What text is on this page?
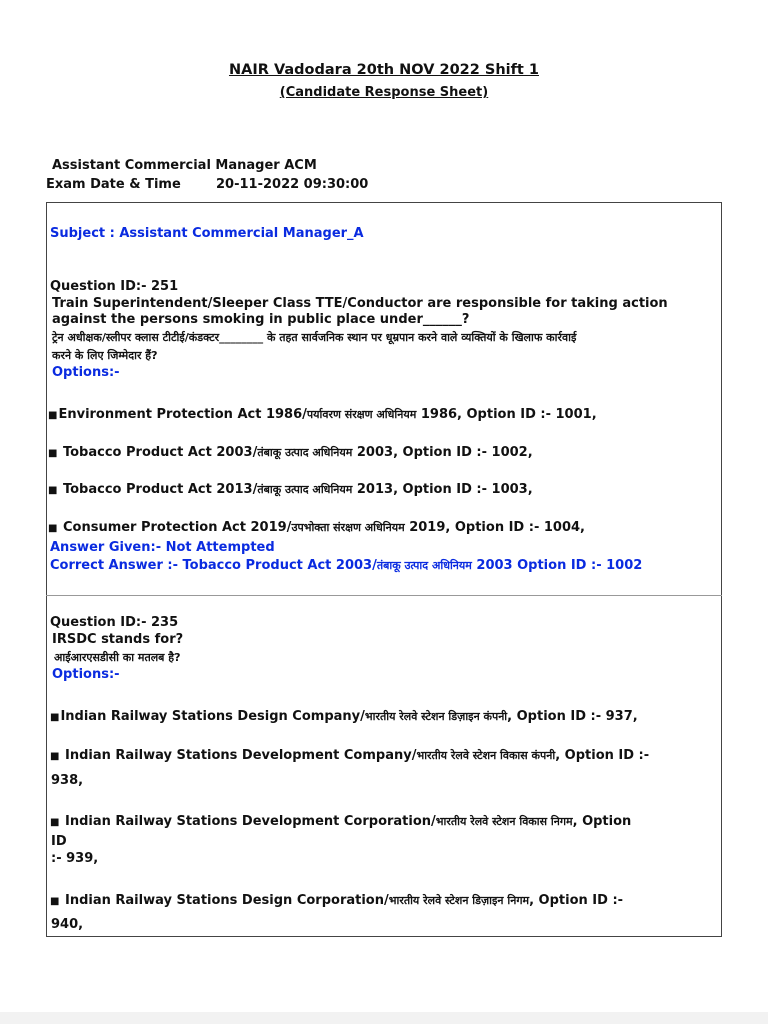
NAIR Vadodara 20th NOV 2022 Shift 1
(Candidate Response Sheet)
Assistant Commercial Manager ACM
Exam Date & Time	20-11-2022 09:30:00
Subject : Assistant Commercial Manager_A
Question ID:- 251
Train Superintendent/Sleeper Class TTE/Conductor are responsible for taking action
against the persons smoking in public place under______?
ट्रेन अधीक्षक/स्लीपर क्लास टीटीई/कंडक्टर________ के तहत सार्वजनिक स्थान पर धूम्रपान करने वाले व्यक्तियों के खिलाफ कार्रवाई
करने के लिए जिम्मेदार हैं?
Options:-
■Environment Protection Act 1986/पर्यावरण संरक्षण अधिनियम 1986, Option ID :- 1001,
■ Tobacco Product Act 2003/तंबाकू उत्पाद अधिनियम 2003, Option ID :- 1002,
■ Tobacco Product Act 2013/तंबाकू उत्पाद अधिनियम 2013, Option ID :- 1003,
■ Consumer Protection Act 2019/उपभोक्ता संरक्षण अधिनियम 2019, Option ID :- 1004,
Answer Given:- Not Attempted
Correct Answer :- Tobacco Product Act 2003/तंबाकू उत्पाद अधिनियम 2003 Option ID :- 1002
Question ID:- 235
IRSDC stands for?
आईआरएसडीसी का मतलब है?
Options:-
■Indian Railway Stations Design Company/भारतीय रेलवे स्टेशन डिज़ाइन कंपनी, Option ID :- 937,
■ Indian Railway Stations Development Company/भारतीय रेलवे स्टेशन विकास कंपनी, Option ID :-
938,
■ Indian Railway Stations Development Corporation/भारतीय रेलवे स्टेशन विकास निगम, Option
ID
:- 939,
■ Indian Railway Stations Design Corporation/भारतीय रेलवे स्टेशन डिज़ाइन निगम, Option ID :-
940,
